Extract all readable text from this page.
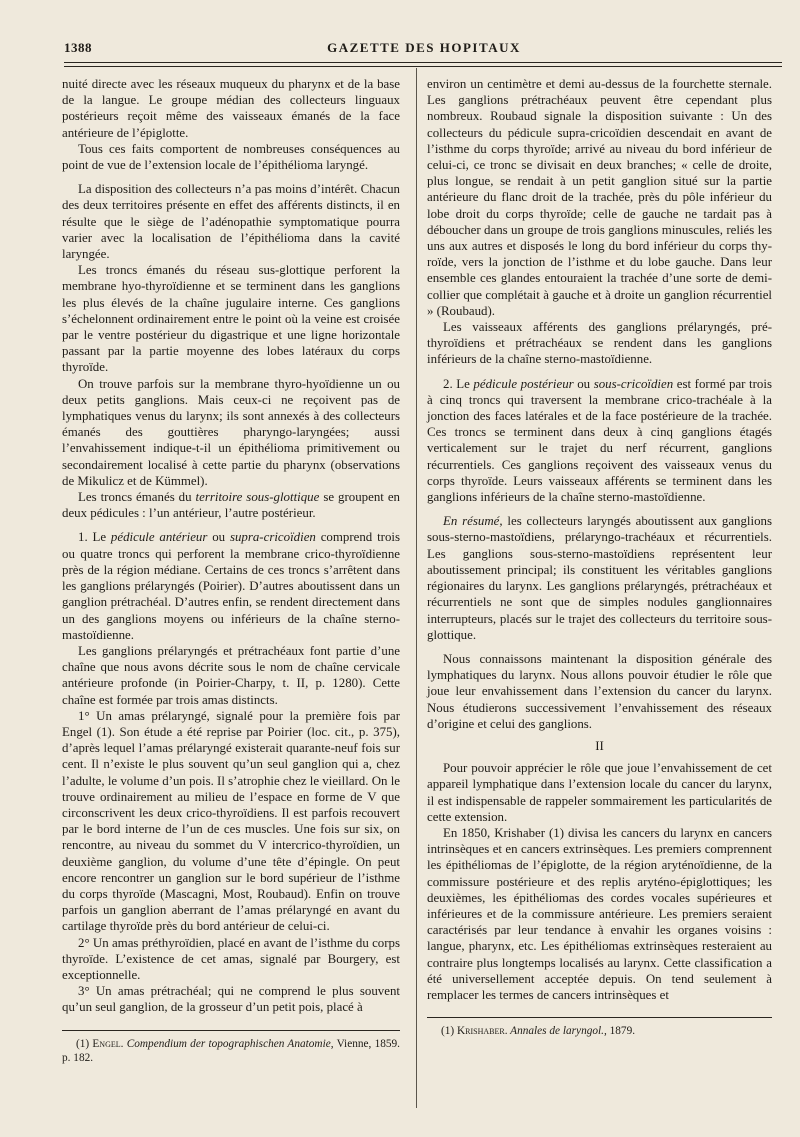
1388	GAZETTE DES HOPITAUX

nuité directe avec les réseaux muqueux du pharynx et de la base de la langue. Le groupe médian des collecteurs linguaux postérieurs reçoit même des vaisseaux émanés de la face antérieure de l’épiglotte.

Tous ces faits comportent de nombreuses conséquences au point de vue de l’extension locale de l’épithélioma laryngé.

La disposition des collecteurs n’a pas moins d’intérêt. Chacun des deux territoires présente en effet des afférents distincts, il en résulte que le siège de l’adénopathie symptomatique pourra varier avec la localisation de l’épithélioma dans la cavité laryngée.

Les troncs émanés du réseau sus-glottique perforent la membrane hyo-thyroïdienne et se terminent dans les ganglions les plus élevés de la chaîne jugulaire interne. Ces ganglions s’échelonnent ordinairement entre le point où la veine est croisée par le ventre postérieur du digastrique et une ligne horizontale passant par la partie moyenne des lobes latéraux du corps thyroïde.

On trouve parfois sur la membrane thyro-hyoïdienne un ou deux petits ganglions. Mais ceux-ci ne reçoivent pas de lymphatiques venus du larynx; ils sont annexés à des collecteurs émanés des gouttières pharyngo-laryngées; aussi l’envahissement indique-t-il un épithélioma primitivement ou secondairement localisé à cette partie du pharynx (observations de Mikulicz et de Kümmel).

Les troncs émanés du territoire sous-glottique se groupent en deux pédicules : l’un antérieur, l’autre postérieur.

1. Le pédicule antérieur ou supra-cricoïdien comprend trois ou quatre troncs qui perforent la membrane crico-thyroïdienne près de la région médiane. Certains de ces troncs s’arrêtent dans les ganglions prélaryngés (Poirier). D’autres aboutissent dans un ganglion prétrachéal. D’autres enfin, se rendent directement dans un des ganglions moyens ou inférieurs de la chaîne sterno-mastoïdienne.

Les ganglions prélaryngés et prétrachéaux font partie d’une chaîne que nous avons décrite sous le nom de chaîne cervicale antérieure profonde (in Poirier-Charpy, t. II, p. 1280). Cette chaîne est formée par trois amas distincts.

1° Un amas prélaryngé, signalé pour la première fois par Engel (1). Son étude a été reprise par Poirier (loc. cit., p. 375), d’après lequel l’amas prélaryngé existerait quarante-neuf fois sur cent. Il n’existe le plus souvent qu’un seul ganglion qui a, chez l’adulte, le volume d’un pois. Il s’atrophie chez le vieillard. On le trouve ordinairement au milieu de l’espace en forme de V que circonscrivent les deux crico-thyroïdiens. Il est parfois recouvert par le bord interne de l’un de ces muscles. Une fois sur six, on rencontre, au niveau du sommet du V intercrico-thyroïdien, un deuxième ganglion, du volume d’une tête d’épingle. On peut encore rencontrer un ganglion sur le bord supérieur de l’isthme du corps thyroïde (Mascagni, Most, Roubaud). Enfin on trouve parfois un ganglion aberrant de l’amas prélaryngé en avant du cartilage thyroïde près du bord antérieur de celui-ci.

2° Un amas préthyroïdien, placé en avant de l’isthme du corps thyroïde. L’existence de cet amas, signalé par Bourgery, est exceptionnelle.

3° Un amas prétrachéal; qui ne comprend le plus souvent qu’un seul ganglion, de la grosseur d’un petit pois, placé à

(1) Engel. Compendium der topographischen Anatomie, Vienne, 1859. p. 182.

environ un centimètre et demi au-dessus de la fourchette sternale. Les ganglions prétrachéaux peuvent être cependant plus nombreux. Roubaud signale la disposition suivante : Un des collecteurs du pédicule supra-cricoïdien descendait en avant de l’isthme du corps thyroïde; arrivé au niveau du bord inférieur de celui-ci, ce tronc se divisait en deux branches; « celle de droite, plus longue, se rendait à un petit ganglion situé sur la partie antérieure du flanc droit de la trachée, près du pôle inférieur du lobe droit du corps thyroïde; celle de gauche ne tardait pas à déboucher dans un groupe de trois ganglions minuscules, reliés les uns aux autres et disposés le long du bord inférieur du corps thyroïde, vers la jonction de l’isthme et du lobe gauche. Dans leur ensemble ces glandes entouraient la trachée d’une sorte de demi-collier que complétait à gauche et à droite un ganglion récurrentiel » (Roubaud).

Les vaisseaux afférents des ganglions prélaryngés, préthyroïdiens et prétrachéaux se rendent dans les ganglions inférieurs de la chaîne sterno-mastoïdienne.

2. Le pédicule postérieur ou sous-cricoïdien est formé par trois à cinq troncs qui traversent la membrane crico-trachéale à la jonction des faces latérales et de la face postérieure de la trachée. Ces troncs se terminent dans deux à cinq ganglions étagés verticalement sur le trajet du nerf récurrent, ganglions récurrentiels. Ces ganglions reçoivent des vaisseaux venus du corps thyroïde. Leurs vaisseaux afférents se terminent dans les ganglions inférieurs de la chaîne sterno-mastoïdienne.

En résumé, les collecteurs laryngés aboutissent aux ganglions sous-sterno-mastoïdiens, prélaryngo-trachéaux et récurrentiels. Les ganglions sous-sterno-mastoïdiens représentent leur aboutissement principal; ils constituent les véritables ganglions régionaires du larynx. Les ganglions prélaryngés, prétrachéaux et récurrentiels ne sont que de simples nodules ganglionnaires interrupteurs, placés sur le trajet des collecteurs du territoire sous-glottique.

Nous connaissons maintenant la disposition générale des lymphatiques du larynx. Nous allons pouvoir étudier le rôle que joue leur envahissement dans l’extension du cancer du larynx. Nous étudierons successivement l’envahissement des réseaux d’origine et celui des ganglions.

II

Pour pouvoir apprécier le rôle que joue l’envahissement de cet appareil lymphatique dans l’extension locale du cancer du larynx, il est indispensable de rappeler sommairement les particularités de cette extension.

En 1850, Krishaber (1) divisa les cancers du larynx en cancers intrinsèques et en cancers extrinsèques. Les premiers comprennent les épithéliomas de l’épiglotte, de la région aryténoïdienne, de la commissure postérieure et des replis aryténo-épiglottiques; les deuxièmes, les épithéliomas des cordes vocales supérieures et inférieures et de la commissure antérieure. Les premiers seraient caractérisés par leur tendance à envahir les organes voisins : langue, pharynx, etc. Les épithéliomas extrinsèques resteraient au contraire plus longtemps localisés au larynx. Cette classification a été universellement acceptée depuis. On tend seulement à remplacer les termes de cancers intrinsèques et

(1) Krishaber. Annales de laryngol., 1879.
